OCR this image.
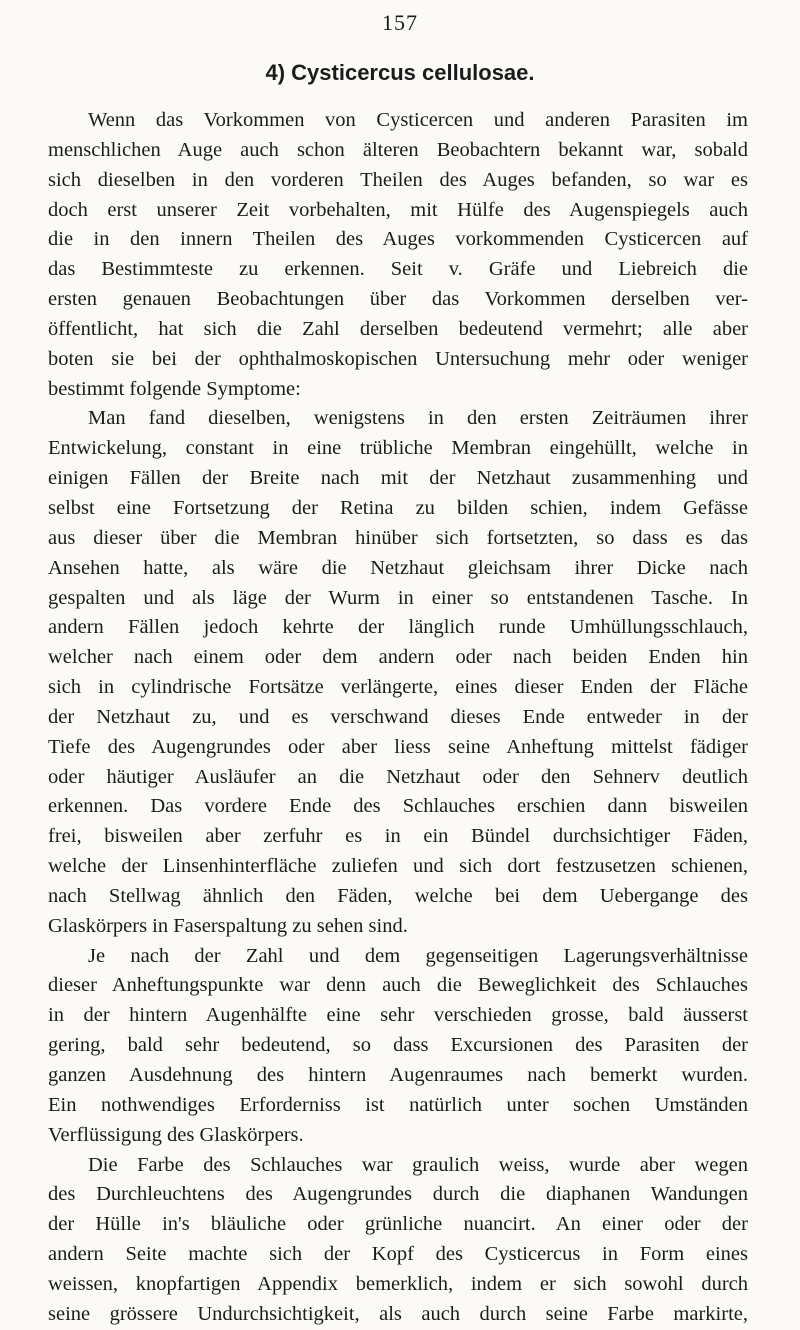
157
4) Cysticercus cellulosae.
Wenn das Vorkommen von Cysticercen und anderen Parasiten im
menschlichen Auge auch schon älteren Beobachtern bekannt war, sobald
sich dieselben in den vorderen Theilen des Auges befanden, so war es
doch erst unserer Zeit vorbehalten, mit Hülfe des Augenspiegels auch
die in den innern Theilen des Auges vorkommenden Cysticercen auf
das Bestimmteste zu erkennen. Seit v. Gräfe und Liebreich die
ersten genauen Beobachtungen über das Vorkommen derselben ver-
öffentlicht, hat sich die Zahl derselben bedeutend vermehrt; alle aber
boten sie bei der ophthalmoskopischen Untersuchung mehr oder weniger
bestimmt folgende Symptome:
Man fand dieselben, wenigstens in den ersten Zeiträumen ihrer
Entwickelung, constant in eine trübliche Membran eingehüllt, welche in
einigen Fällen der Breite nach mit der Netzhaut zusammenhing und
selbst eine Fortsetzung der Retina zu bilden schien, indem Gefässe
aus dieser über die Membran hinüber sich fortsetzten, so dass es das
Ansehen hatte, als wäre die Netzhaut gleichsam ihrer Dicke nach
gespalten und als läge der Wurm in einer so entstandenen Tasche. In
andern Fällen jedoch kehrte der länglich runde Umhüllungsschlauch,
welcher nach einem oder dem andern oder nach beiden Enden hin
sich in cylindrische Fortsätze verlängerte, eines dieser Enden der Fläche
der Netzhaut zu, und es verschwand dieses Ende entweder in der
Tiefe des Augengrundes oder aber liess seine Anheftung mittelst fädiger
oder häutiger Ausläufer an die Netzhaut oder den Sehnerv deutlich
erkennen. Das vordere Ende des Schlauches erschien dann bisweilen
frei, bisweilen aber zerfuhr es in ein Bündel durchsichtiger Fäden,
welche der Linsenhinterfläche zuliefen und sich dort festzusetzen schienen,
nach Stellwag ähnlich den Fäden, welche bei dem Uebergange des
Glaskörpers in Faserspaltung zu sehen sind.
Je nach der Zahl und dem gegenseitigen Lagerungsverhältnisse
dieser Anheftungspunkte war denn auch die Beweglichkeit des Schlauches
in der hintern Augenhälfte eine sehr verschieden grosse, bald äusserst
gering, bald sehr bedeutend, so dass Excursionen des Parasiten der
ganzen Ausdehnung des hintern Augenraumes nach bemerkt wurden.
Ein nothwendiges Erforderniss ist natürlich unter sochen Umständen
Verflüssigung des Glaskörpers.
Die Farbe des Schlauches war graulich weiss, wurde aber wegen
des Durchleuchtens des Augengrundes durch die diaphanen Wandungen
der Hülle in's bläuliche oder grünliche nuancirt. An einer oder der
andern Seite machte sich der Kopf des Cysticercus in Form eines
weissen, knopfartigen Appendix bemerklich, indem er sich sowohl durch
seine grössere Undurchsichtigkeit, als auch durch seine Farbe markirte,
